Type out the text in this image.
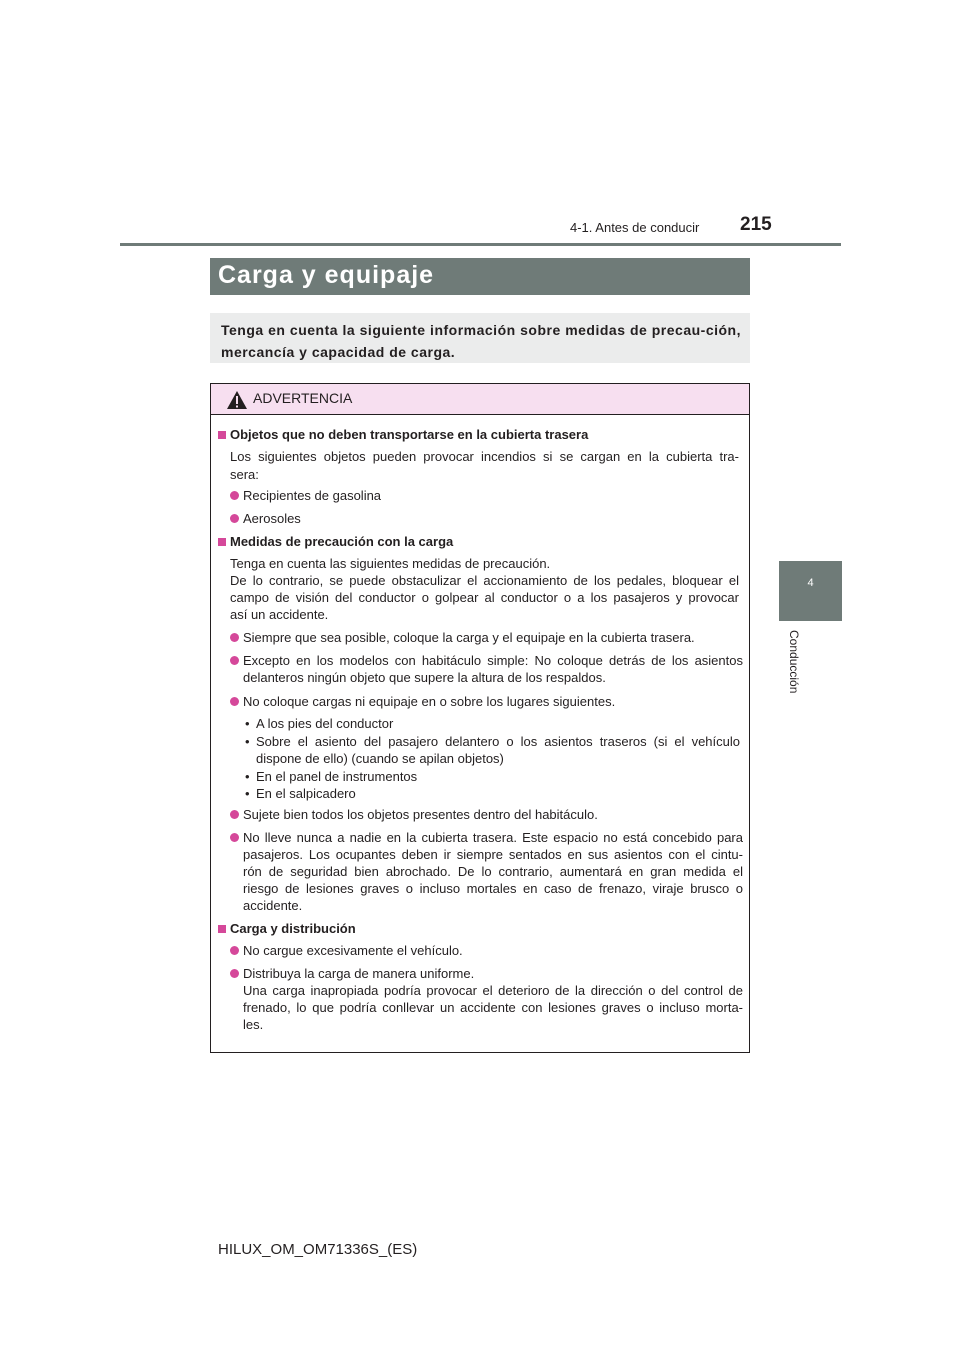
215
4-1. Antes de conducir
4
Conducción
Carga y equipaje
Tenga en cuenta la siguiente información sobre medidas de precau-ción, mercancía y capacidad de carga.
ADVERTENCIA
Objetos que no deben transportarse en la cubierta trasera
Los siguientes objetos pueden provocar incendios si se cargan en la cubierta tra-
sera:
Recipientes de gasolina
Aerosoles
Medidas de precaución con la carga
Tenga en cuenta las siguientes medidas de precaución.
De lo contrario, se puede obstaculizar el accionamiento de los pedales, bloquear el
campo de visión del conductor o golpear al conductor o a los pasajeros y provocar
así un accidente.
Siempre que sea posible, coloque la carga y el equipaje en la cubierta trasera.
Excepto en los modelos con habitáculo simple: No coloque detrás de los asientos
delanteros ningún objeto que supere la altura de los respaldos.
No coloque cargas ni equipaje en o sobre los lugares siguientes.
• A los pies del conductor
• Sobre el asiento del pasajero delantero o los asientos traseros (si el vehículo
dispone de ello) (cuando se apilan objetos)
• En el panel de instrumentos
• En el salpicadero
Sujete bien todos los objetos presentes dentro del habitáculo.
No lleve nunca a nadie en la cubierta trasera. Este espacio no está concebido para
pasajeros. Los ocupantes deben ir siempre sentados en sus asientos con el cintu-
rón de seguridad bien abrochado. De lo contrario, aumentará en gran medida el
riesgo de lesiones graves o incluso mortales en caso de frenazo, viraje brusco o
accidente.
Carga y distribución
No cargue excesivamente el vehículo.
Distribuya la carga de manera uniforme.
Una carga inapropiada podría provocar el deterioro de la dirección o del control de
frenado, lo que podría conllevar un accidente con lesiones graves o incluso morta-
les.
HILUX_OM_OM71336S_(ES)
